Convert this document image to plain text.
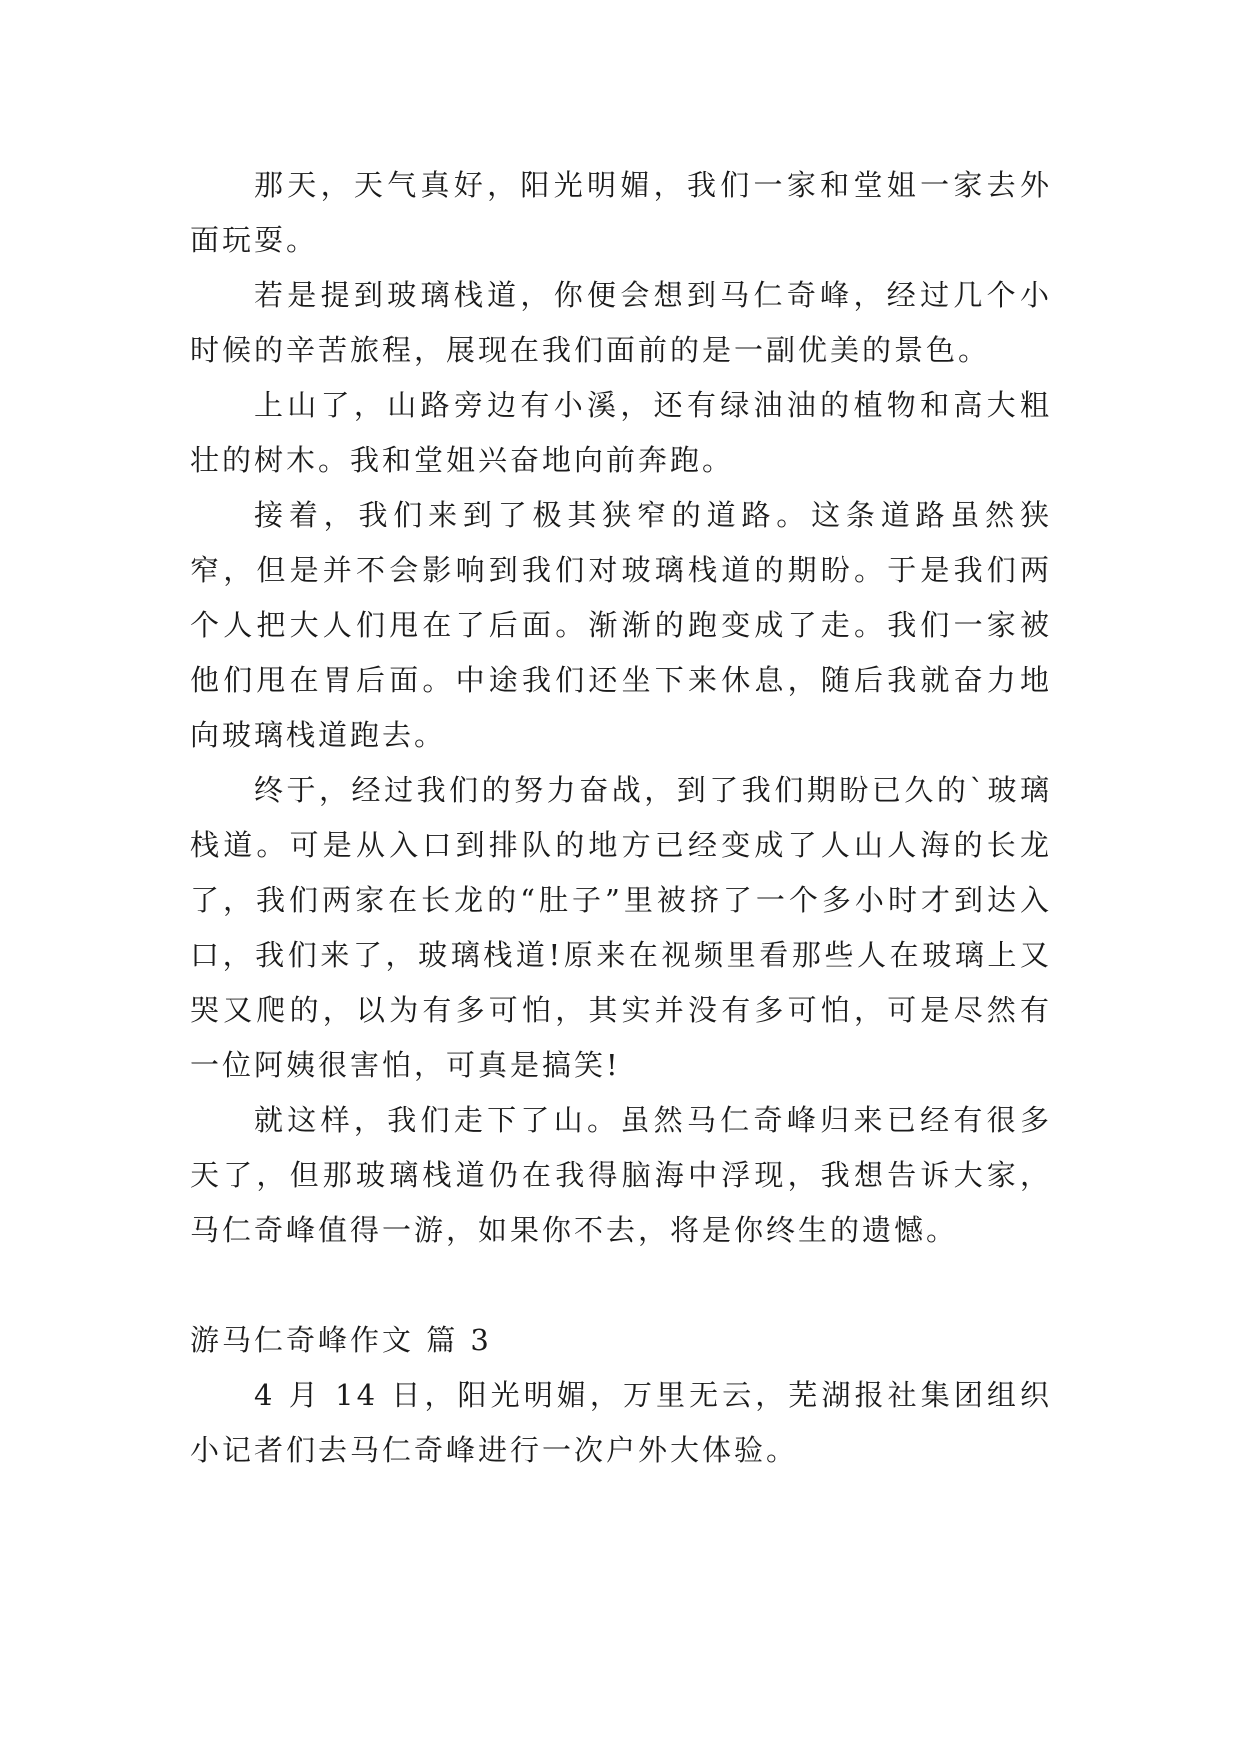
那天，天气真好，阳光明媚，我们一家和堂姐一家去外面玩耍。

若是提到玻璃栈道，你便会想到马仁奇峰，经过几个小时候的辛苦旅程，展现在我们面前的是一副优美的景色。

上山了，山路旁边有小溪，还有绿油油的植物和高大粗壮的树木。我和堂姐兴奋地向前奔跑。

接着，我们来到了极其狭窄的道路。这条道路虽然狭窄，但是并不会影响到我们对玻璃栈道的期盼。于是我们两个人把大人们甩在了后面。渐渐的跑变成了走。我们一家被他们甩在胃后面。中途我们还坐下来休息，随后我就奋力地向玻璃栈道跑去。

终于，经过我们的努力奋战，到了我们期盼已久的`玻璃栈道。可是从入口到排队的地方已经变成了人山人海的长龙了，我们两家在长龙的“肚子”里被挤了一个多小时才到达入口，我们来了，玻璃栈道!原来在视频里看那些人在玻璃上又哭又爬的，以为有多可怕，其实并没有多可怕，可是尽然有一位阿姨很害怕，可真是搞笑!

就这样，我们走下了山。虽然马仁奇峰归来已经有很多天了，但那玻璃栈道仍在我得脑海中浮现，我想告诉大家，马仁奇峰值得一游，如果你不去，将是你终生的遗憾。

游马仁奇峰作文 篇 3

4 月 14 日，阳光明媚，万里无云，芜湖报社集团组织小记者们去马仁奇峰进行一次户外大体验。
